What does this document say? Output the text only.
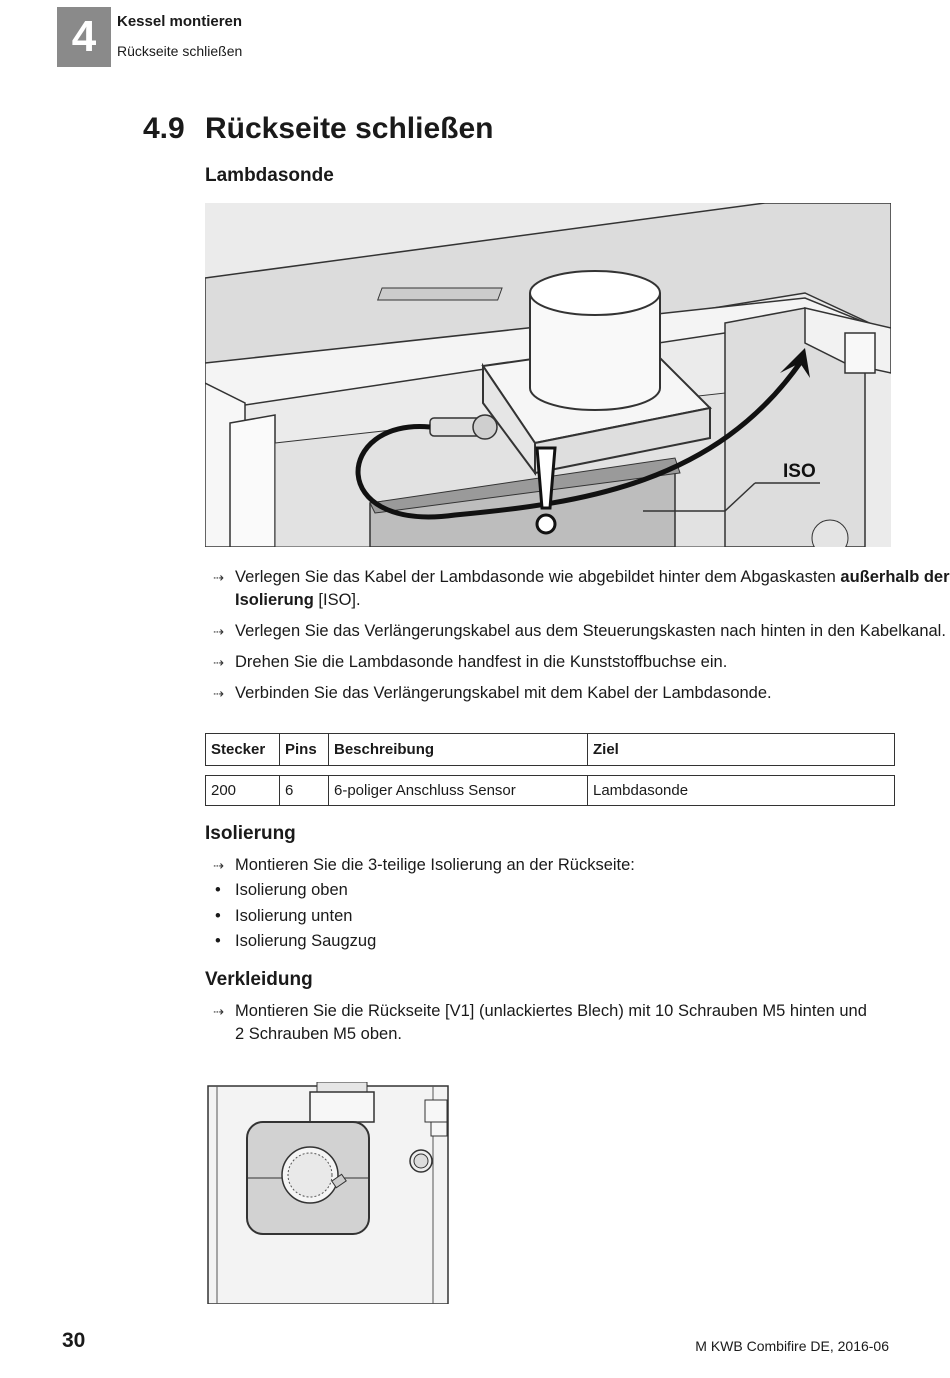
4	Kessel montieren
Rückseite schließen
4.9 Rückseite schließen
Lambdasonde
ISO
⇢ Verlegen Sie das Kabel der Lambdasonde wie abgebildet hinter dem Abgaskasten außerhalb der Isolierung [ISO].
⇢ Verlegen Sie das Verlängerungskabel aus dem Steuerungskasten nach hinten in den Kabelkanal.
⇢ Drehen Sie die Lambdasonde handfest in die Kunststoffbuchse ein.
⇢ Verbinden Sie das Verlängerungskabel mit dem Kabel der Lambdasonde.
Stecker	Pins	Beschreibung	Ziel
200	6	6-poliger Anschluss Sensor	Lambdasonde
Isolierung
⇢ Montieren Sie die 3-teilige Isolierung an der Rückseite:
• Isolierung oben
• Isolierung unten
• Isolierung Saugzug
Verkleidung
⇢ Montieren Sie die Rückseite [V1] (unlackiertes Blech) mit 10 Schrauben M5 hinten und 2 Schrauben M5 oben.
30	M KWB Combifire DE, 2016-06
